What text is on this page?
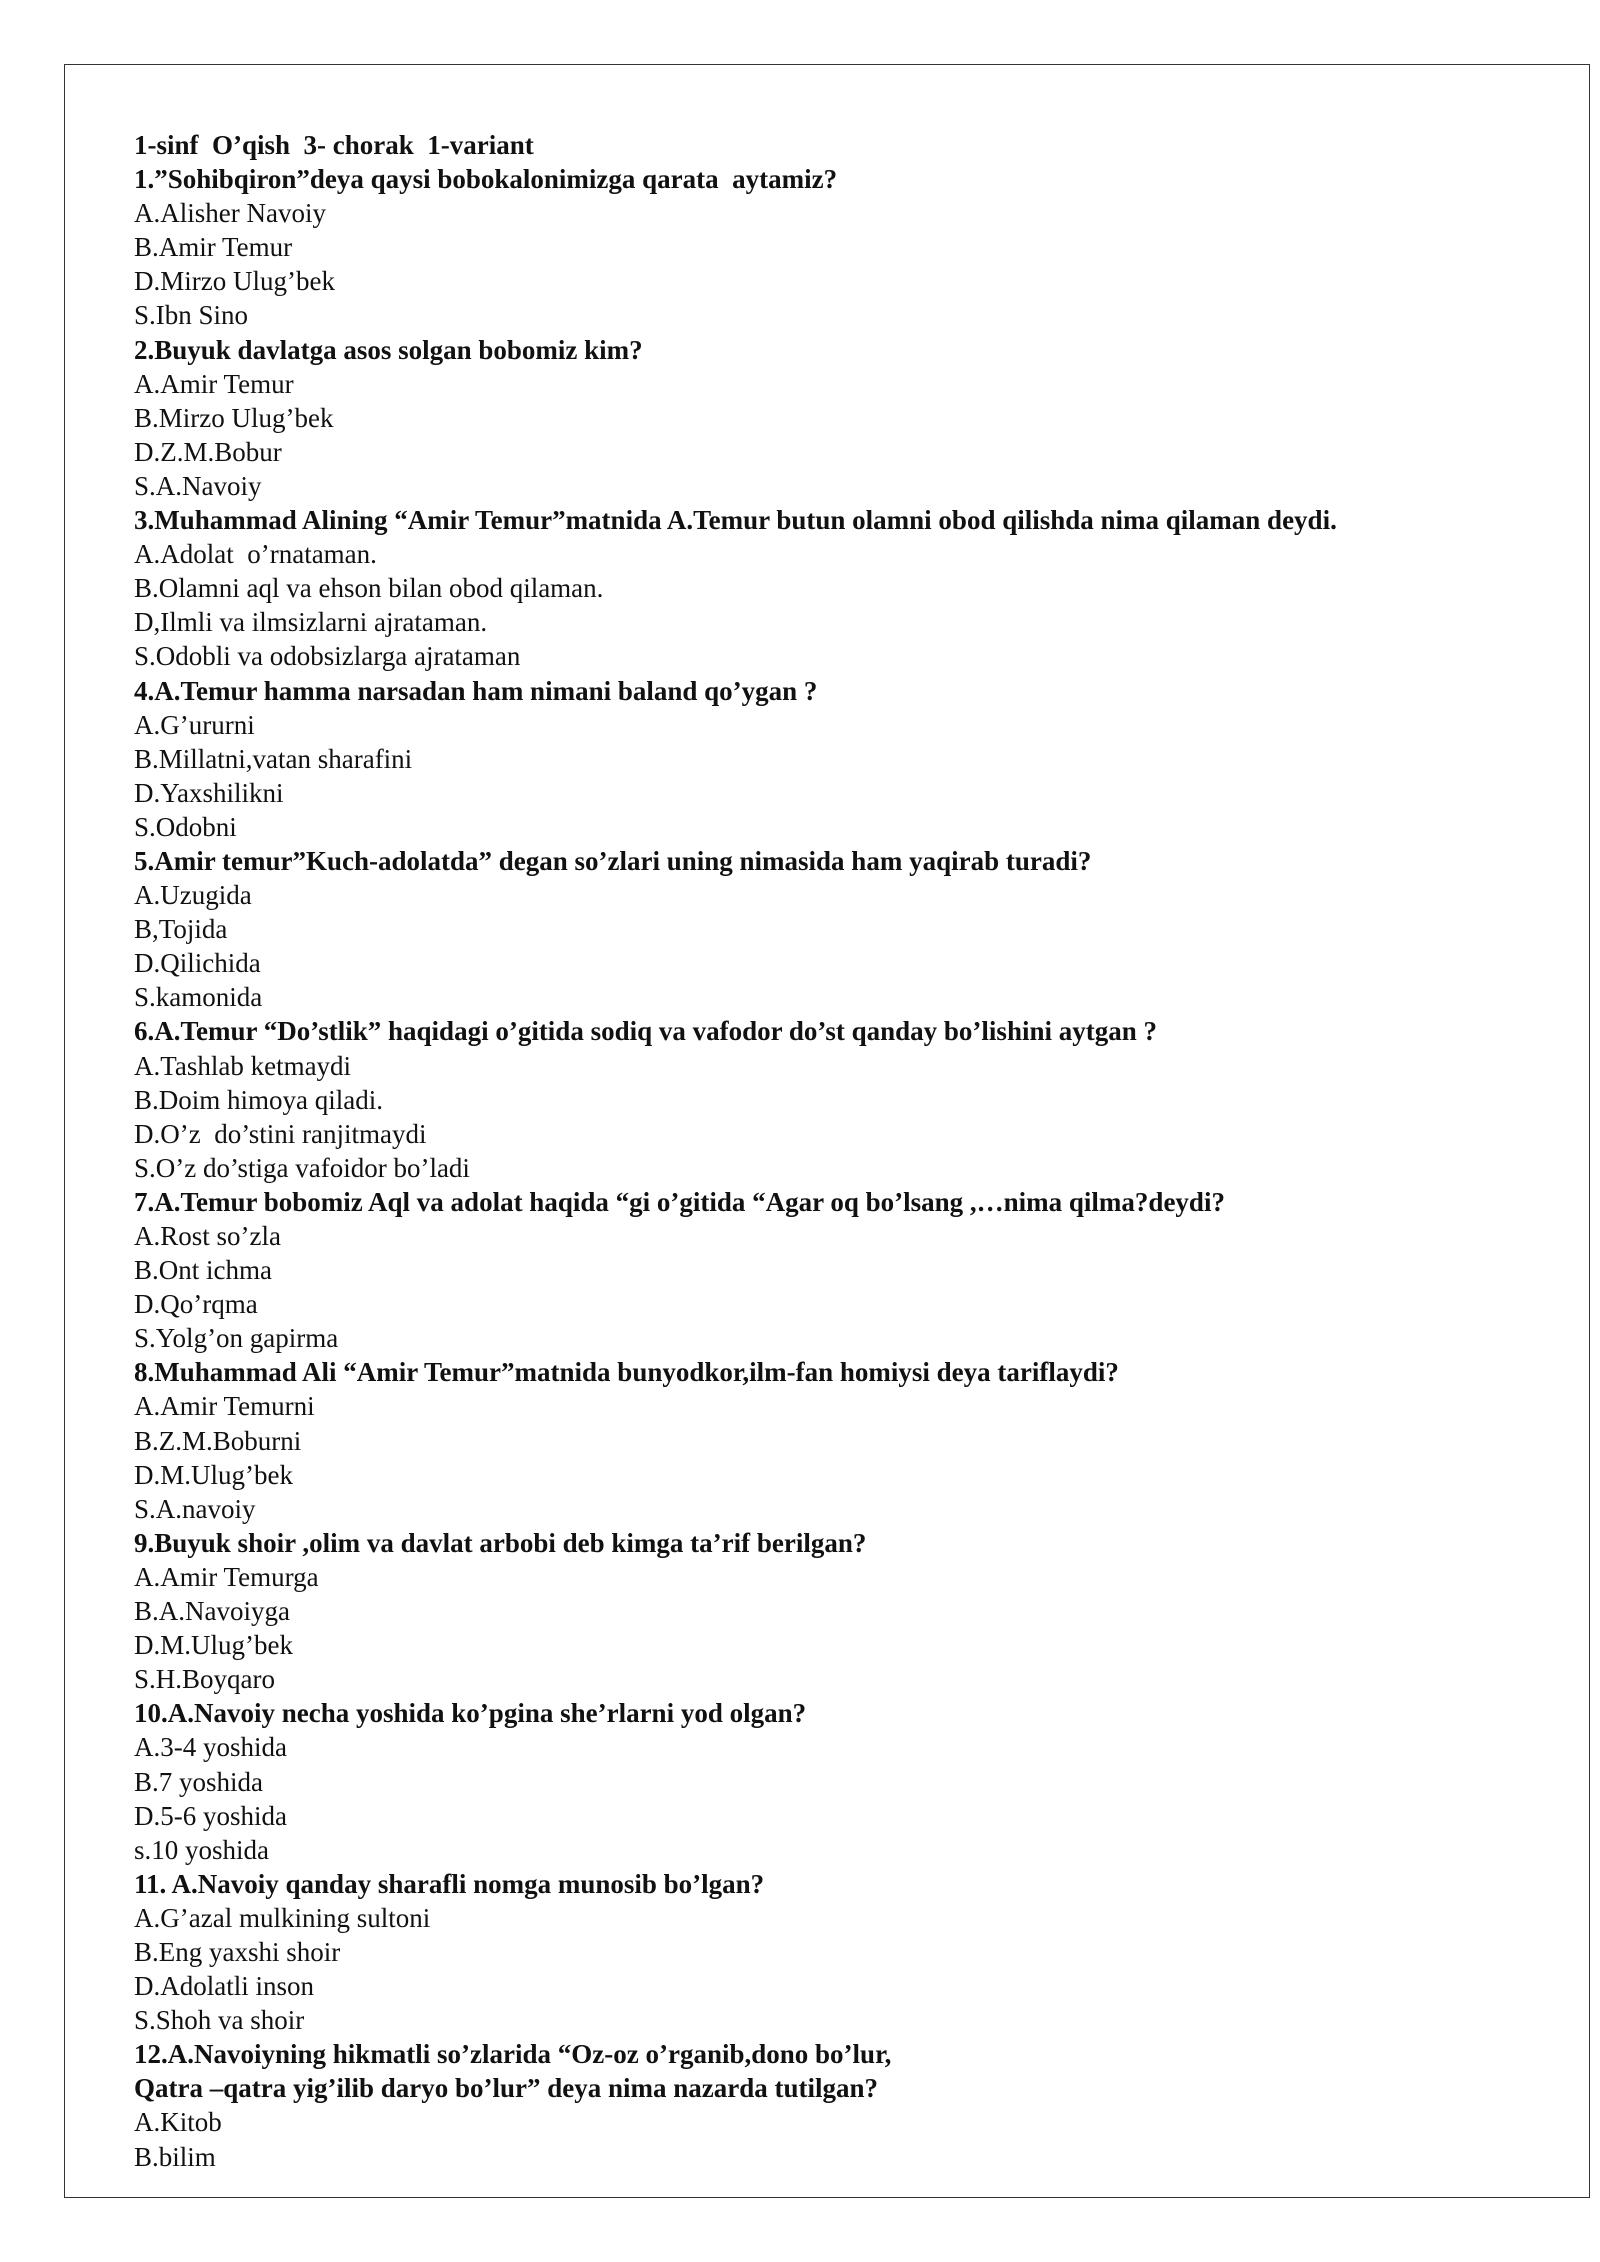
1-sinf  O’qish  3- chorak  1-variant
1.”Sohibqiron”deya qaysi bobokalonimizga qarata  aytamiz?
A.Alisher Navoiy
B.Amir Temur
D.Mirzo Ulug’bek
S.Ibn Sino
2.Buyuk davlatga asos solgan bobomiz kim?
A.Amir Temur
B.Mirzo Ulug’bek
D.Z.M.Bobur
S.A.Navoiy
3.Muhammad Alining “Amir Temur”matnida A.Temur butun olamni obod qilishda nima qilaman deydi.
A.Adolat  o’rnataman.
B.Olamni aql va ehson bilan obod qilaman.
D,Ilmli va ilmsizlarni ajrataman.
S.Odobli va odobsizlarga ajrataman
4.A.Temur hamma narsadan ham nimani baland qo’ygan ?
A.G’ururni
B.Millatni,vatan sharafini
D.Yaxshilikni
S.Odobni
5.Amir temur”Kuch-adolatda” degan so’zlari uning nimasida ham yaqirab turadi?
A.Uzugida
B,Tojida
D.Qilichida
S.kamonida
6.A.Temur “Do’stlik” haqidagi o’gitida sodiq va vafodor do’st qanday bo’lishini aytgan ?
A.Tashlab ketmaydi
B.Doim himoya qiladi.
D.O’z  do’stini ranjitmaydi
S.O’z do’stiga vafoidor bo’ladi
7.A.Temur bobomiz Aql va adolat haqida “gi o’gitida “Agar oq bo’lsang ,…nima qilma?deydi?
A.Rost so’zla
B.Ont ichma
D.Qo’rqma
S.Yolg’on gapirma
8.Muhammad Ali “Amir Temur”matnida bunyodkor,ilm-fan homiysi deya tariflaydi?
A.Amir Temurni
B.Z.M.Boburni
D.M.Ulug’bek
S.A.navoiy
9.Buyuk shoir ,olim va davlat arbobi deb kimga ta’rif berilgan?
A.Amir Temurga
B.A.Navoiyga
D.M.Ulug’bek
S.H.Boyqaro
10.A.Navoiy necha yoshida ko’pgina she’rlarni yod olgan?
A.3-4 yoshida
B.7 yoshida
D.5-6 yoshida
s.10 yoshida
11. A.Navoiy qanday sharafli nomga munosib bo’lgan?
A.G’azal mulkining sultoni
B.Eng yaxshi shoir
D.Adolatli inson
S.Shoh va shoir
12.A.Navoiyning hikmatli so’zlarida “Oz-oz o’rganib,dono bo’lur,
Qatra –qatra yig’ilib daryo bo’lur” deya nima nazarda tutilgan?
A.Kitob
B.bilim
